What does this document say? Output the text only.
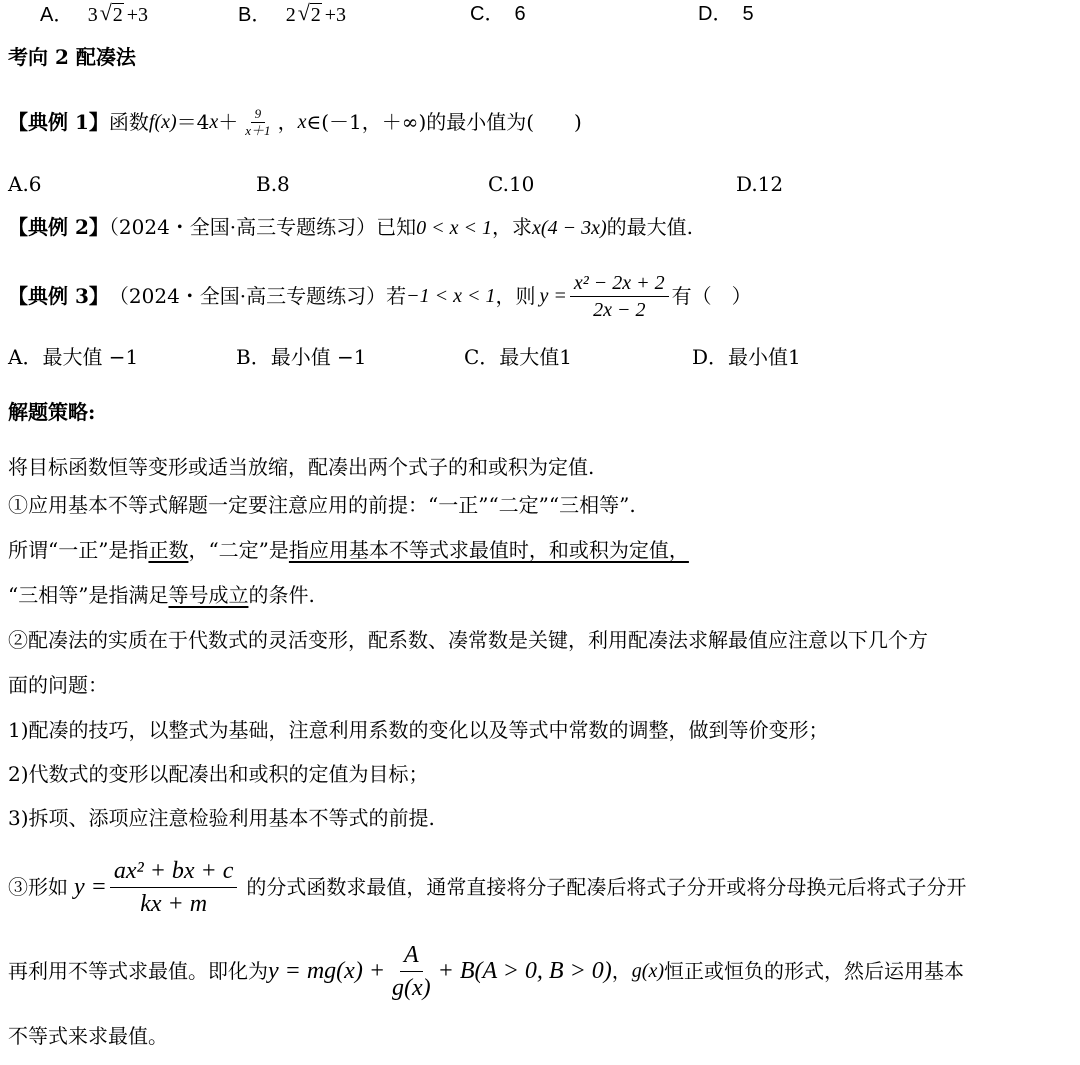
A． 3 √ 2 +3	B． 2 √ 2 +3	C． 6	D． 5
考向 2 配凑法
【典例 1】 函数 f(x) ＝4 $x + \frac{9}{x+1}$ ， x ∈(－1，＋∞)的最小值为(　　)
A.6	B.8	C.10	D.12
【典例 2】（2024・全国·高三专题练习）已知0 < x < 1，求x(4 − 3x)的最大值.
【典例 3】 （2024・全国·高三专题练习）若 −1 < x < 1 ，则 $y = \frac{\text{x² − 2x + 2}}{2x - 2}$ 有（　）
A．最大值 −1	B．最小值 −1	C．最大值1	D．最小值1
解题策略:
将目标函数恒等变形或适当放缩，配凑出两个式子的和或积为定值.
①应用基本不等式解题一定要注意应用的前提：“一正”“二定”“三相等”.
所谓“一正”是指正数，“二定”是指应用基本不等式求最值时，和或积为定值，
“三相等”是指满足等号成立的条件.
②配凑法的实质在于代数式的灵活变形，配系数、凑常数是关键，利用配凑法求解最值应注意以下几个方
面的问题：
1)配凑的技巧，以整式为基础，注意利用系数的变化以及等式中常数的调整，做到等价变形；
2)代数式的变形以配凑出和或积的定值为目标；
3)拆项、添项应注意检验利用基本不等式的前提.
③形如 $y = \frac{\text{ax² + bx + c}}{kx + m}$ 的分式函数求最值，通常直接将分子配凑后将式子分开或将分母换元后将式子分开
再利用不等式求最值。即化为 $y = mg(x) + \frac{A}{g(x)} + B(A > 0$, B > 0) ， g(x) 恒正或恒负的形式，然后运用基本
不等式来求最值。
